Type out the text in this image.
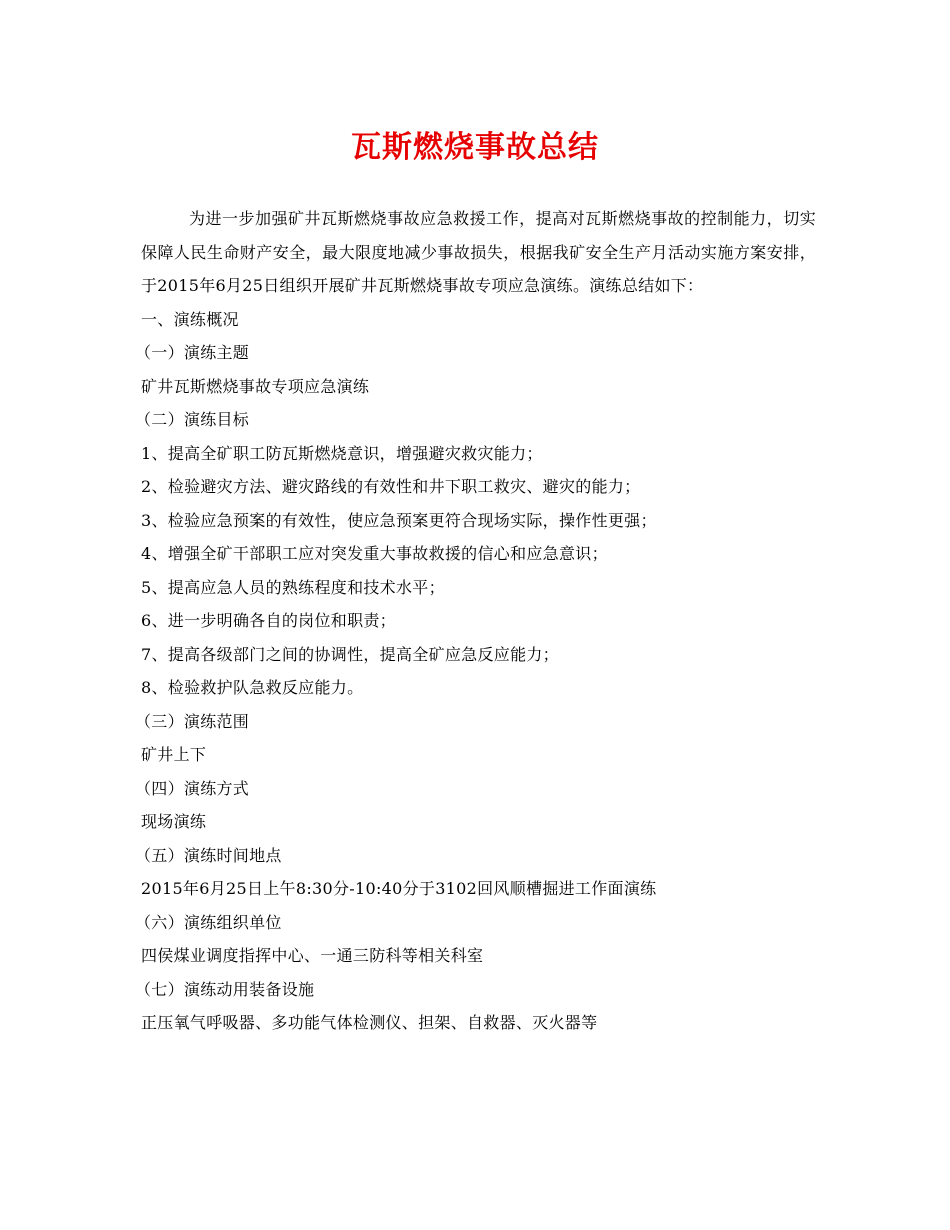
瓦斯燃烧事故总结

为进一步加强矿井瓦斯燃烧事故应急救援工作，提高对瓦斯燃烧事故的控制能力，切实保障人民生命财产安全，最大限度地减少事故损失，根据我矿安全生产月活动实施方案安排，于2015年6月25日组织开展矿井瓦斯燃烧事故专项应急演练。演练总结如下：

一、演练概况

（一）演练主题

矿井瓦斯燃烧事故专项应急演练

（二）演练目标

1、提高全矿职工防瓦斯燃烧意识，增强避灾救灾能力；

2、检验避灾方法、避灾路线的有效性和井下职工救灾、避灾的能力；

3、检验应急预案的有效性，使应急预案更符合现场实际，操作性更强；

4、增强全矿干部职工应对突发重大事故救援的信心和应急意识；

5、提高应急人员的熟练程度和技术水平；

6、进一步明确各自的岗位和职责；

7、提高各级部门之间的协调性，提高全矿应急反应能力；

8、检验救护队急救反应能力。

（三）演练范围

矿井上下

（四）演练方式

现场演练

（五）演练时间地点

2015年6月25日上午8:30分-10:40分于3102回风顺槽掘进工作面演练

（六）演练组织单位

四侯煤业调度指挥中心、一通三防科等相关科室

（七）演练动用装备设施

正压氧气呼吸器、多功能气体检测仪、担架、自救器、灭火器等
